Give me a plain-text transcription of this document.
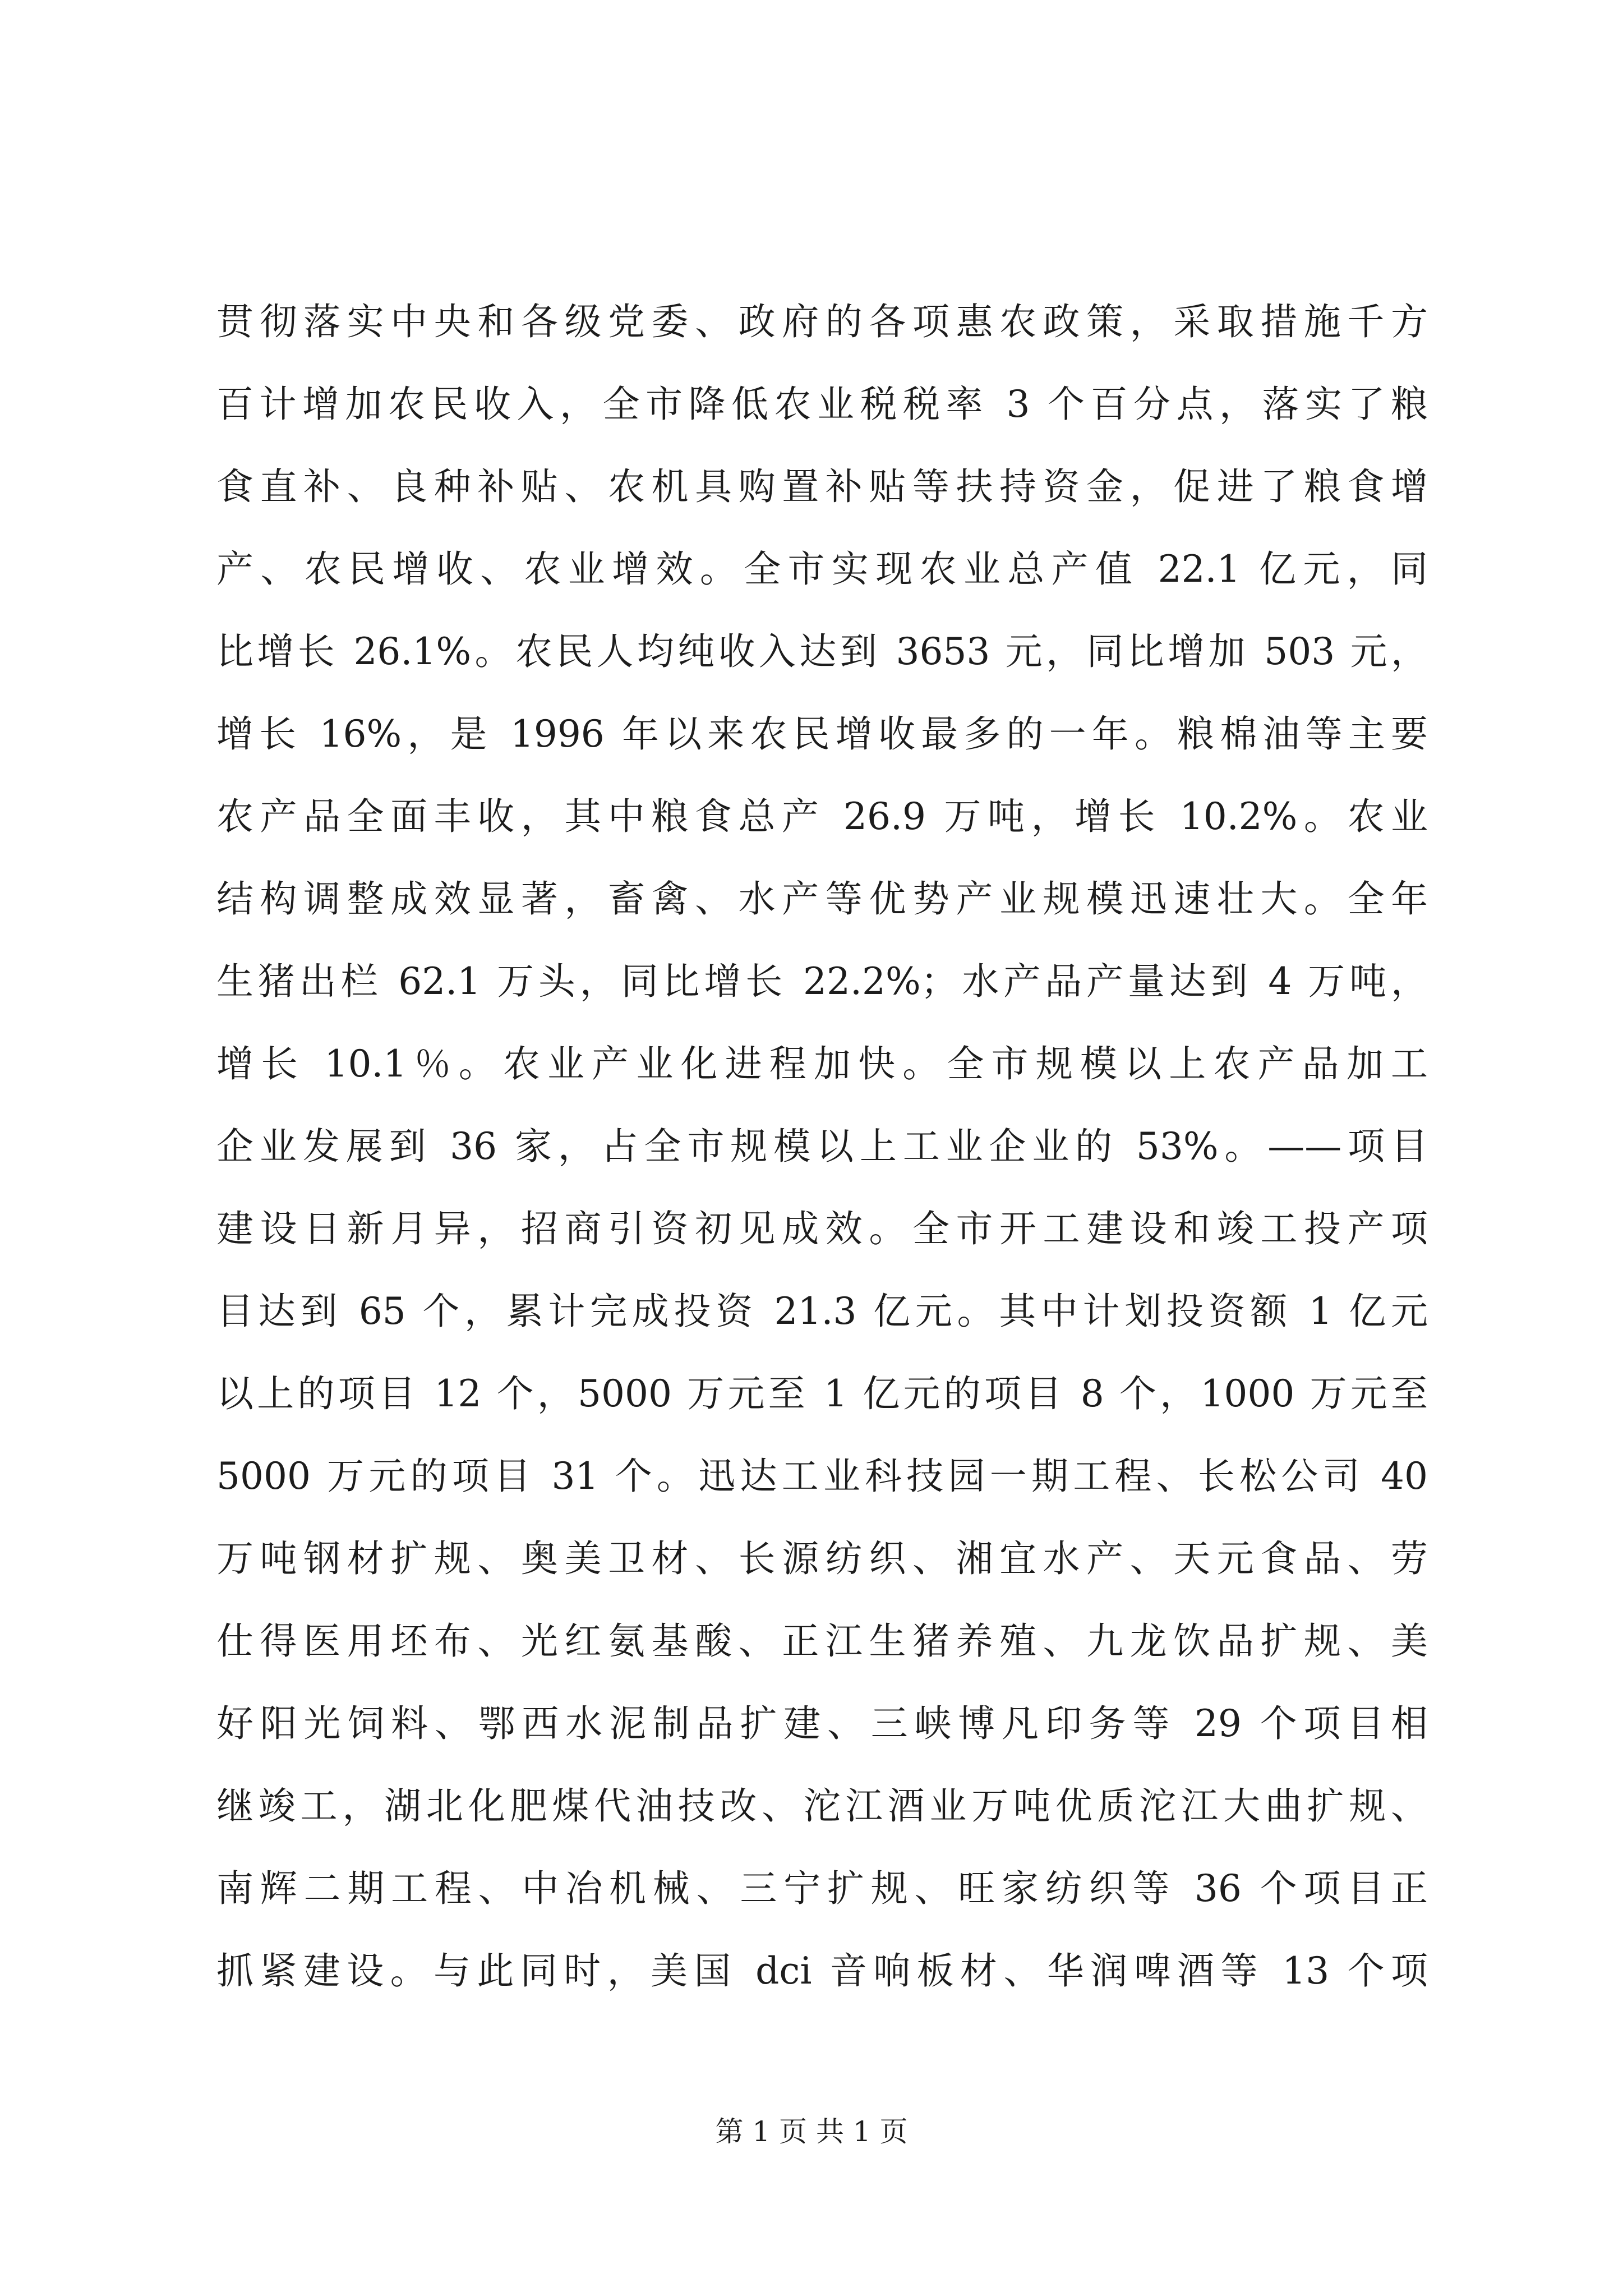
贯彻落实中央和各级党委、政府的各项惠农政策，采取措施千方
百计增加农民收入，全市降低农业税税率 3 个百分点，落实了粮
食直补、良种补贴、农机具购置补贴等扶持资金，促进了粮食增
产、农民增收、农业增效。全市实现农业总产值 22.1 亿元，同
比增长 26.1%。农民人均纯收入达到 3653 元，同比增加 503 元，
增长 16%，是 1996 年以来农民增收最多的一年。粮棉油等主要
农产品全面丰收，其中粮食总产 26.9 万吨，增长 10.2%。农业
结构调整成效显著，畜禽、水产等优势产业规模迅速壮大。全年
生猪出栏 62.1 万头，同比增长 22.2%；水产品产量达到 4 万吨，
增长 10.1％。农业产业化进程加快。全市规模以上农产品加工
企业发展到 36 家，占全市规模以上工业企业的 53%。——项目
建设日新月异，招商引资初见成效。全市开工建设和竣工投产项
目达到 65 个，累计完成投资 21.3 亿元。其中计划投资额 1 亿元
以上的项目 12 个，5000 万元至 1 亿元的项目 8 个，1000 万元至
5000 万元的项目 31 个。迅达工业科技园一期工程、长松公司 40
万吨钢材扩规、奥美卫材、长源纺织、湘宜水产、天元食品、劳
仕得医用坯布、光红氨基酸、正江生猪养殖、九龙饮品扩规、美
好阳光饲料、鄂西水泥制品扩建、三峡博凡印务等 29 个项目相
继竣工，湖北化肥煤代油技改、沱江酒业万吨优质沱江大曲扩规、
南辉二期工程、中冶机械、三宁扩规、旺家纺织等 36 个项目正
抓紧建设。与此同时，美国 dci 音响板材、华润啤酒等 13 个项

第 1 页 共 1 页
